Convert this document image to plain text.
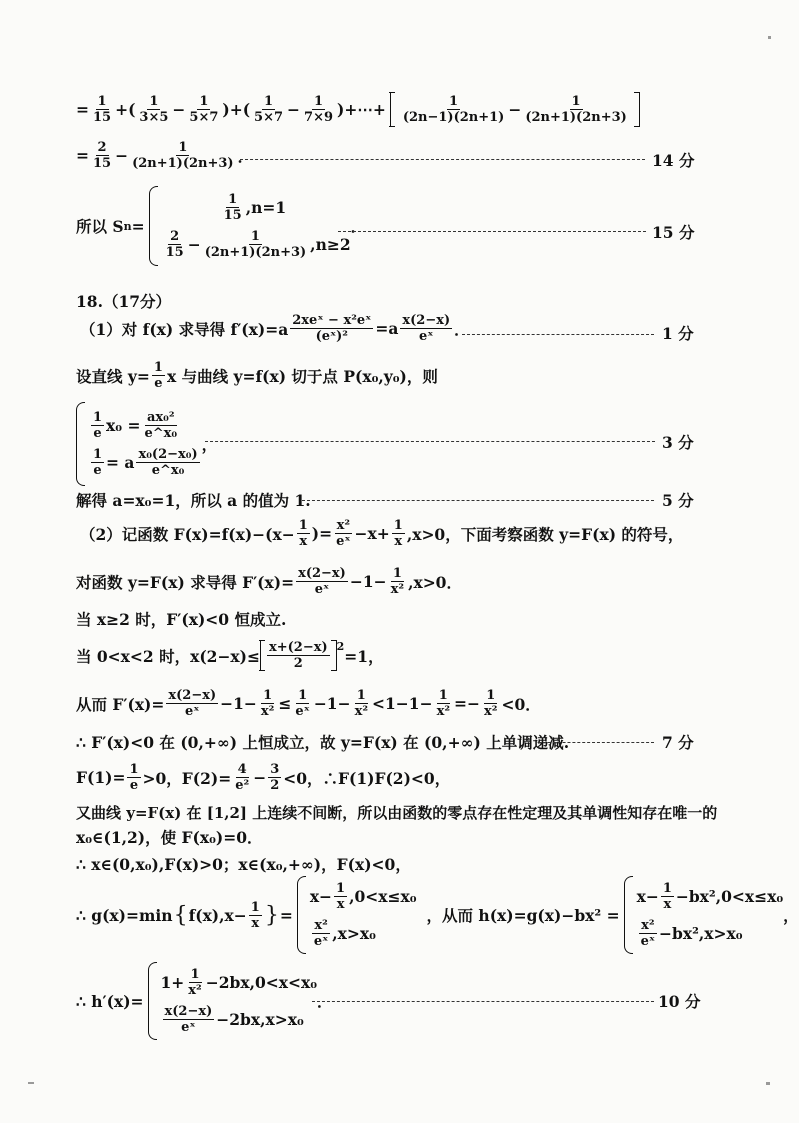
= $\frac{1}{15}$ +( 1
$3\times 5 - \frac{1}{5\times 7}$ )+( 1
$5\times 7 - \frac{1}{7\times 9}$ )+⋯+	1
$(2n-1)(2n+1) - \frac{1}{(2n+1)(2n+3)}$
= $\frac{2}{15} - \frac{1}{(2n+1)(2n+3)}$ ．	14 分
所以 S n =
1
15 ,n=1
2
$15 - \frac{1}{(2n+1)(2n+3)} ,n\ge 2$
．	15 分
18.（17分）
（1）对 f(x) 求导得 f′(x)=a 2xeˣ − x²eˣ
(eˣ)² =a x(2−x)
eˣ ．	1 分
设直线 $y= \frac{1}{e}$ x 与曲线 y=f(x) 切于点 P(x₀,y₀)，则
1
e $x_0 = \frac{\text{ax₀²}}{\text{e\textasciicircum{}x₀}}$
$\frac{1}{e} = a$ x₀(2−x₀)
e^x₀
，	3 分
解得 a=x₀=1，所以 a 的值为 1.	5 分
（2）记函数 $F(x)=f(x)-(x- \frac{1}{x}$ )= $\frac{\text{x²}}{\text{eˣ}} -x+ \frac{1}{x} ,x>0$，下面考察函数 y=F(x) 的符号，
对函数 y=F(x) 求导得 $F'(x)= \frac{x(2-x)}{\text{eˣ}} -1- \frac{1}{\text{x²}} ,x>0$．
当 x≥2 时，F′(x)<0 恒成立.
当 0<x<2 时，x(2−x)≤ x+(2−x)
2
$^2$ =1，
从而 $F'(x)= \frac{x(2-x)}{\text{eˣ}} -1- \frac{1}{\text{x²}} \le \frac{1}{\text{eˣ}} -1- \frac{1}{\text{x²}} <1-1- \frac{1}{\text{x²}} =- \frac{1}{\text{x²}} <0$．
∴ F′(x)<0 在 (0,+∞) 上恒成立，故 y=F(x) 在 (0,+∞) 上单调递减.	7 分
$F(1)= \frac{1}{e} >0$，$F(2)= \frac{4}{\text{e²}} - \frac{3}{2} <0$，∴F(1)F(2)<0，
又曲线 y=F(x) 在 [1,2] 上连续不间断，所以由函数的零点存在性定理及其单调性知存在唯一的
x₀∈(1,2)，使 F(x₀)=0．
∴ x∈(0,x₀),F(x)>0；x∈(x₀,+∞)，F(x)<0，
∴ g(x)=min { $f(x),x- \frac{1}{x}$ } =
$x- \frac{1}{x} ,0<x\le x_0$
x²
eˣ ,x>x₀
，从而 h(x)=g(x)−bx² =
$x- \frac{1}{x} -bx^2,0<x\le x_0$
x²
eˣ −bx²,x>x₀
，
∴ h′(x)=
$1+ \frac{1}{\text{x²}} -2bx,0<x<x_0$
x(2−x)
eˣ −2bx,x>x₀
．	10 分
